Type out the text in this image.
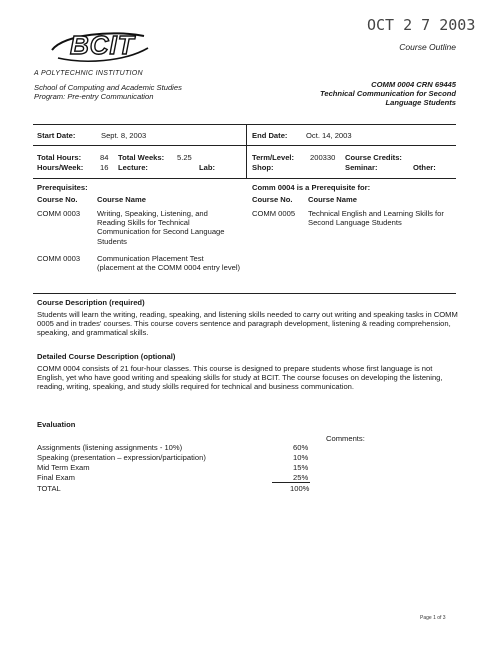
OCT 2 7 2003
BCIT
A POLYTECHNIC INSTITUTION
School of Computing and Academic Studies
Program: Pre-entry Communication
Course Outline
COMM 0004 CRN 69445
Technical Communication for Second
Language Students
Start Date:	Sept. 8, 2003	End Date: Oct. 14, 2003
Total Hours: 84 Total Weeks: 5.25
Hours/Week: 16 Lecture:	Lab:
Term/Level: 200330 Course Credits:
Shop:	Seminar:	Other:
Prerequisites:
Course No.	Course Name
COMM 0003 Writing, Speaking, Listening, and Reading Skills for Technical Communication for Second Language Students
COMM 0003 Communication Placement Test (placement at the COMM 0004 entry level)
Comm 0004 is a Prerequisite for:
Course No. Course Name
COMM 0005 Technical English and Learning Skills for Second Language Students
Course Description (required)
Students will learn the writing, reading, speaking, and listening skills needed to carry out writing and speaking tasks in COMM 0005 and in trades' courses. This course covers sentence and paragraph development, listening & reading comprehension, speaking, and grammatical skills.
Detailed Course Description (optional)
COMM 0004 consists of 21 four-hour classes. This course is designed to prepare students whose first language is not English, yet who have good writing and speaking skills for study at BCIT. The course focuses on developing the listening, reading, writing, speaking, and study skills required for technical and business communication.
Evaluation
Comments:
Assignments (listening assignments - 10%)	60%
Speaking (presentation – expression/participation)	10%
Mid Term Exam	15%
Final Exam	25%
TOTAL	100%
Page 1 of 3
